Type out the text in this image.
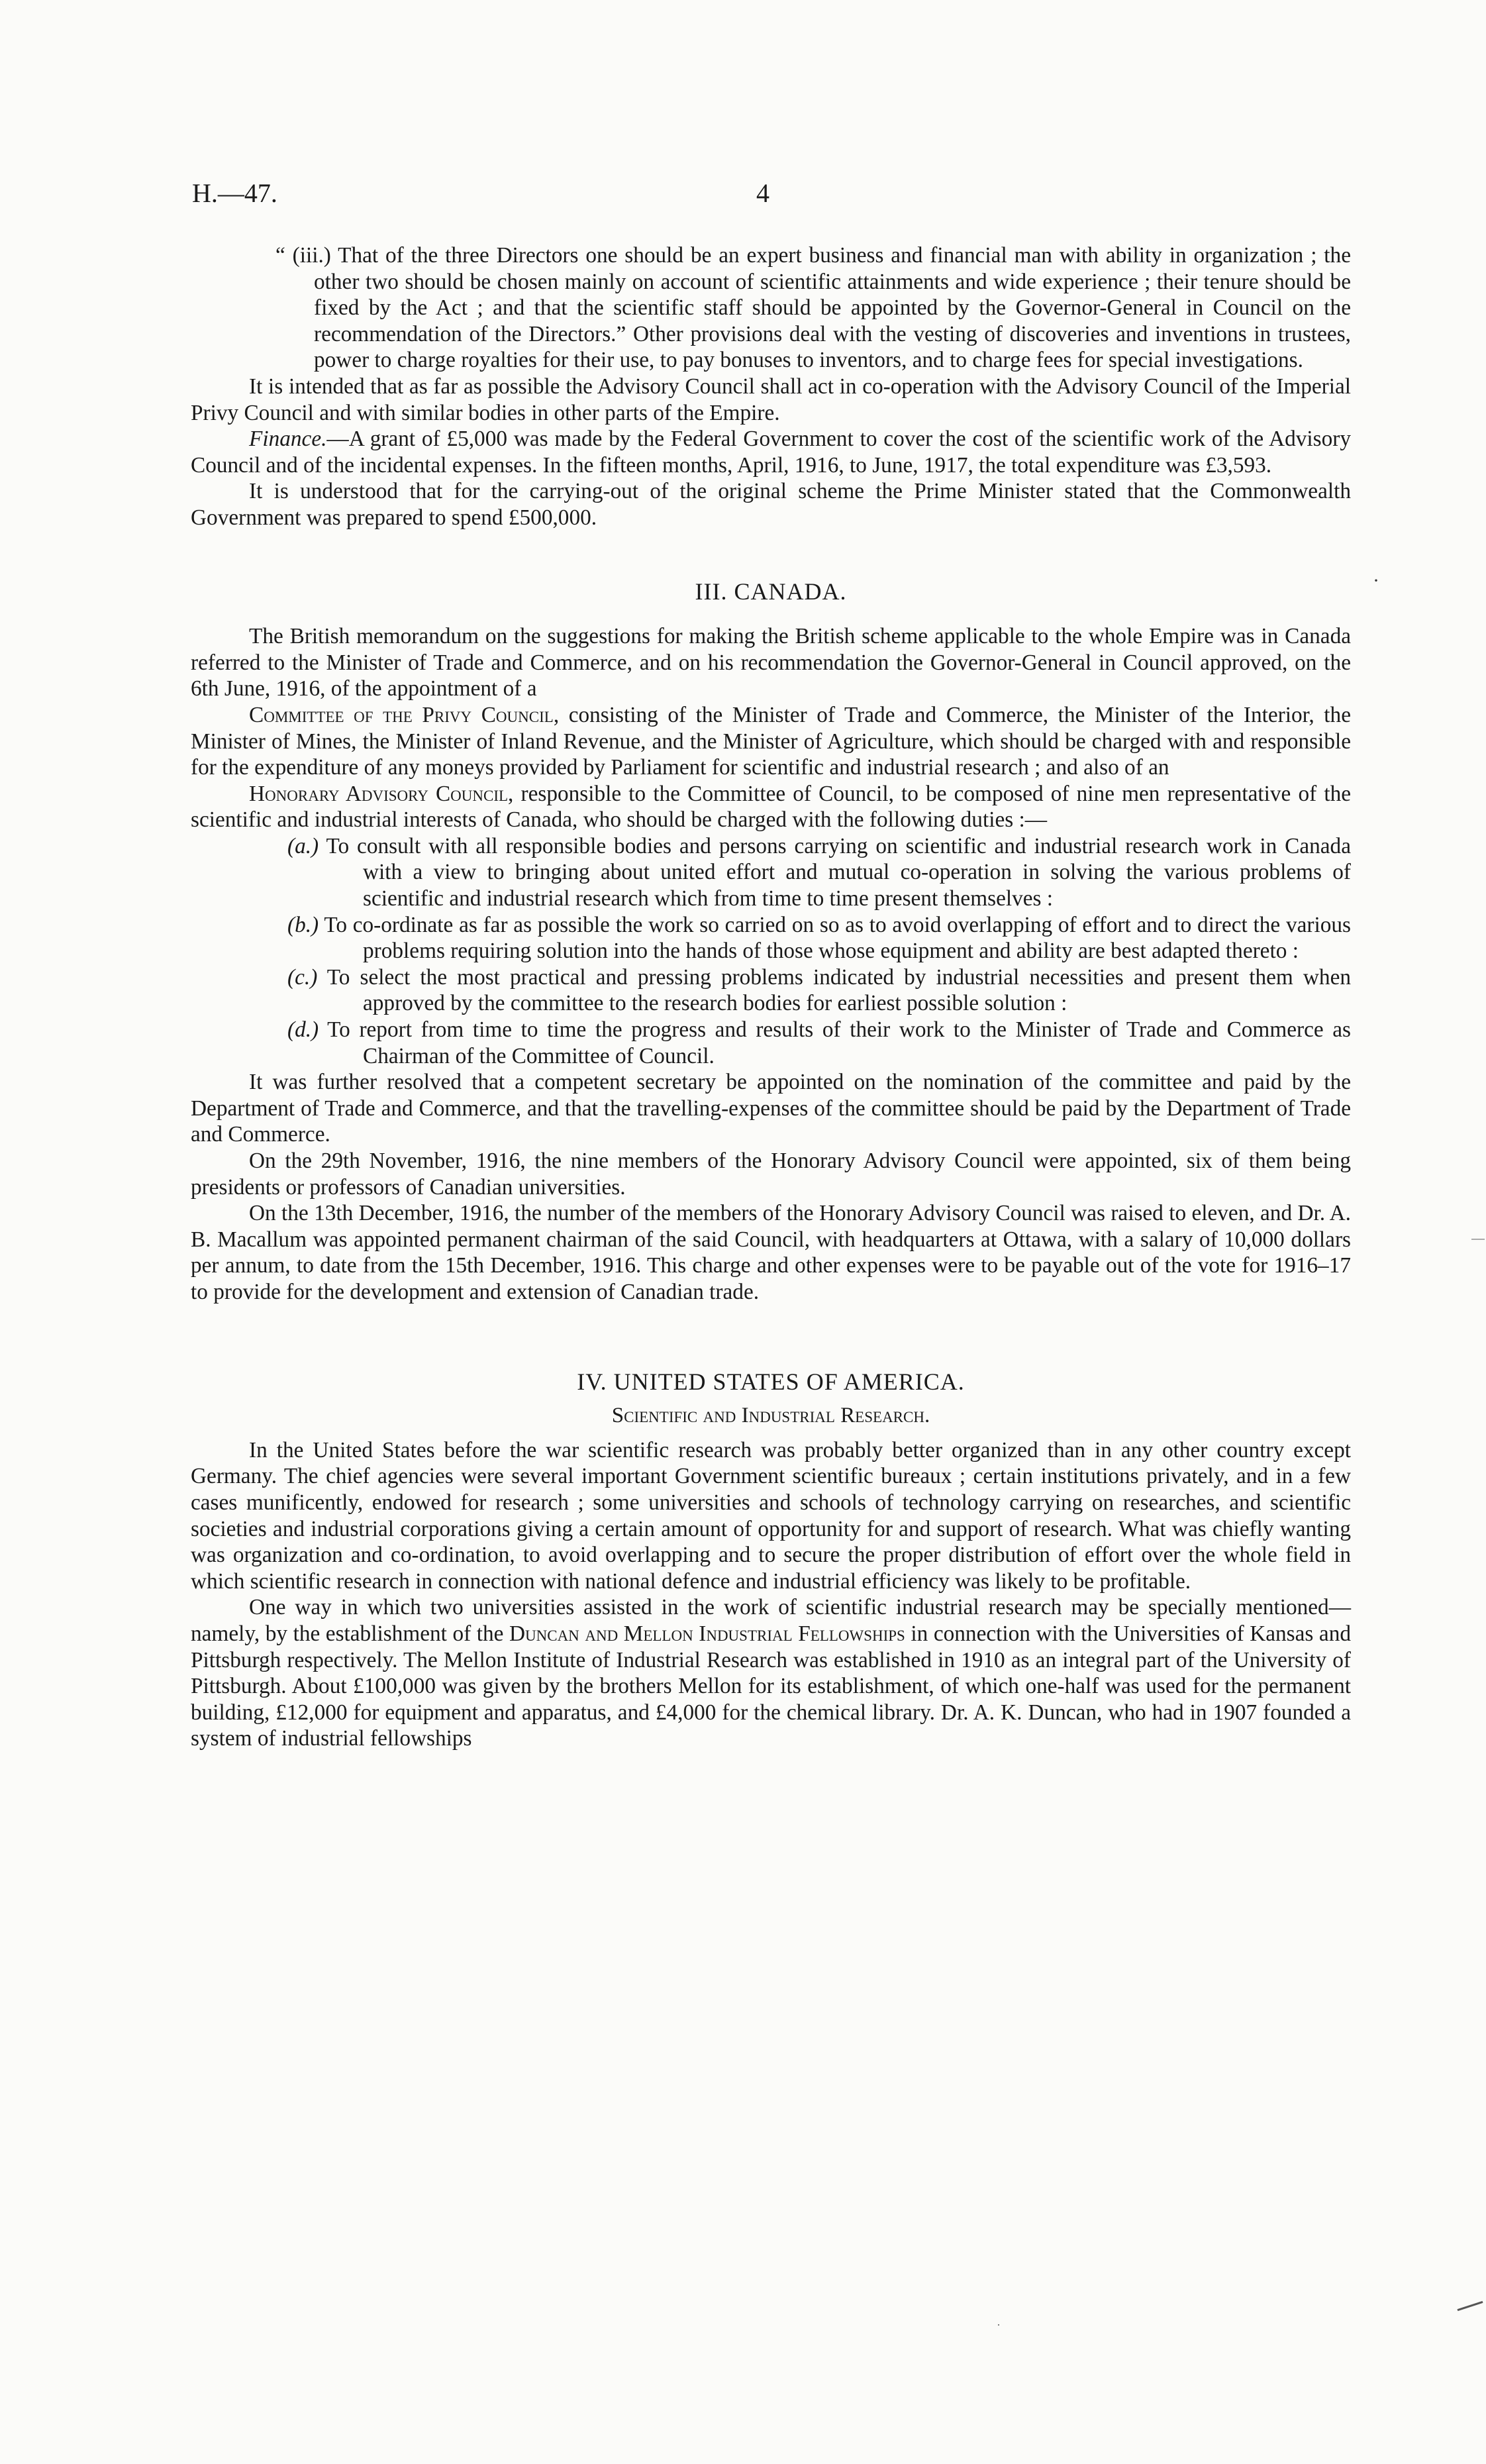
H.—47.	4
·
·

“ (iii.) That of the three Directors one should be an expert business and financial man with ability in organization ; the other two should be chosen mainly on account of scientific attainments and wide experience ; their tenure should be fixed by the Act ; and that the scientific staff should be appointed by the Governor-General in Council on the recommendation of the Directors.” Other provisions deal with the vesting of discoveries and inventions in trustees, power to charge royalties for their use, to pay bonuses to inventors, and to charge fees for special investigations.

It is intended that as far as possible the Advisory Council shall act in co-operation with the Advisory Council of the Imperial Privy Council and with similar bodies in other parts of the Empire.

Finance.—A grant of £5,000 was made by the Federal Government to cover the cost of the scientific work of the Advisory Council and of the incidental expenses. In the fifteen months, April, 1916, to June, 1917, the total expenditure was £3,593.

It is understood that for the carrying-out of the original scheme the Prime Minister stated that the Commonwealth Government was prepared to spend £500,000.

III. CANADA.

The British memorandum on the suggestions for making the British scheme applicable to the whole Empire was in Canada referred to the Minister of Trade and Commerce, and on his recommendation the Governor-General in Council approved, on the 6th June, 1916, of the appointment of a

Committee of the Privy Council, consisting of the Minister of Trade and Commerce, the Minister of the Interior, the Minister of Mines, the Minister of Inland Revenue, and the Minister of Agriculture, which should be charged with and responsible for the expenditure of any moneys provided by Parliament for scientific and industrial research ; and also of an

Honorary Advisory Council, responsible to the Committee of Council, to be composed of nine men representative of the scientific and industrial interests of Canada, who should be charged with the following duties :—

(a.) To consult with all responsible bodies and persons carrying on scientific and industrial research work in Canada with a view to bringing about united effort and mutual co-operation in solving the various problems of scientific and industrial research which from time to time present themselves :

(b.) To co-ordinate as far as possible the work so carried on so as to avoid overlapping of effort and to direct the various problems requiring solution into the hands of those whose equipment and ability are best adapted thereto :

(c.) To select the most practical and pressing problems indicated by industrial necessities and present them when approved by the committee to the research bodies for earliest possible solution :

(d.) To report from time to time the progress and results of their work to the Minister of Trade and Commerce as Chairman of the Committee of Council.

It was further resolved that a competent secretary be appointed on the nomination of the committee and paid by the Department of Trade and Commerce, and that the travelling-expenses of the committee should be paid by the Department of Trade and Commerce.

On the 29th November, 1916, the nine members of the Honorary Advisory Council were appointed, six of them being presidents or professors of Canadian universities.

On the 13th December, 1916, the number of the members of the Honorary Advisory Council was raised to eleven, and Dr. A. B. Macallum was appointed permanent chairman of the said Council, with headquarters at Ottawa, with a salary of 10,000 dollars per annum, to date from the 15th December, 1916. This charge and other expenses were to be payable out of the vote for 1916–17 to provide for the development and extension of Canadian trade.

IV. UNITED STATES OF AMERICA.

Scientific and Industrial Research.

In the United States before the war scientific research was probably better organized than in any other country except Germany. The chief agencies were several important Government scientific bureaux ; certain institutions privately, and in a few cases munificently, endowed for research ; some universities and schools of technology carrying on researches, and scientific societies and industrial corporations giving a certain amount of opportunity for and support of research. What was chiefly wanting was organization and co-ordination, to avoid overlapping and to secure the proper distribution of effort over the whole field in which scientific research in connection with national defence and industrial efficiency was likely to be profitable.

One way in which two universities assisted in the work of scientific industrial research may be specially mentioned—namely, by the establishment of the Duncan and Mellon Industrial Fellowships in connection with the Universities of Kansas and Pittsburgh respectively. The Mellon Institute of Industrial Research was established in 1910 as an integral part of the University of Pittsburgh. About £100,000 was given by the brothers Mellon for its establishment, of which one-half was used for the permanent building, £12,000 for equipment and apparatus, and £4,000 for the chemical library. Dr. A. K. Duncan, who had in 1907 founded a system of industrial fellowships
